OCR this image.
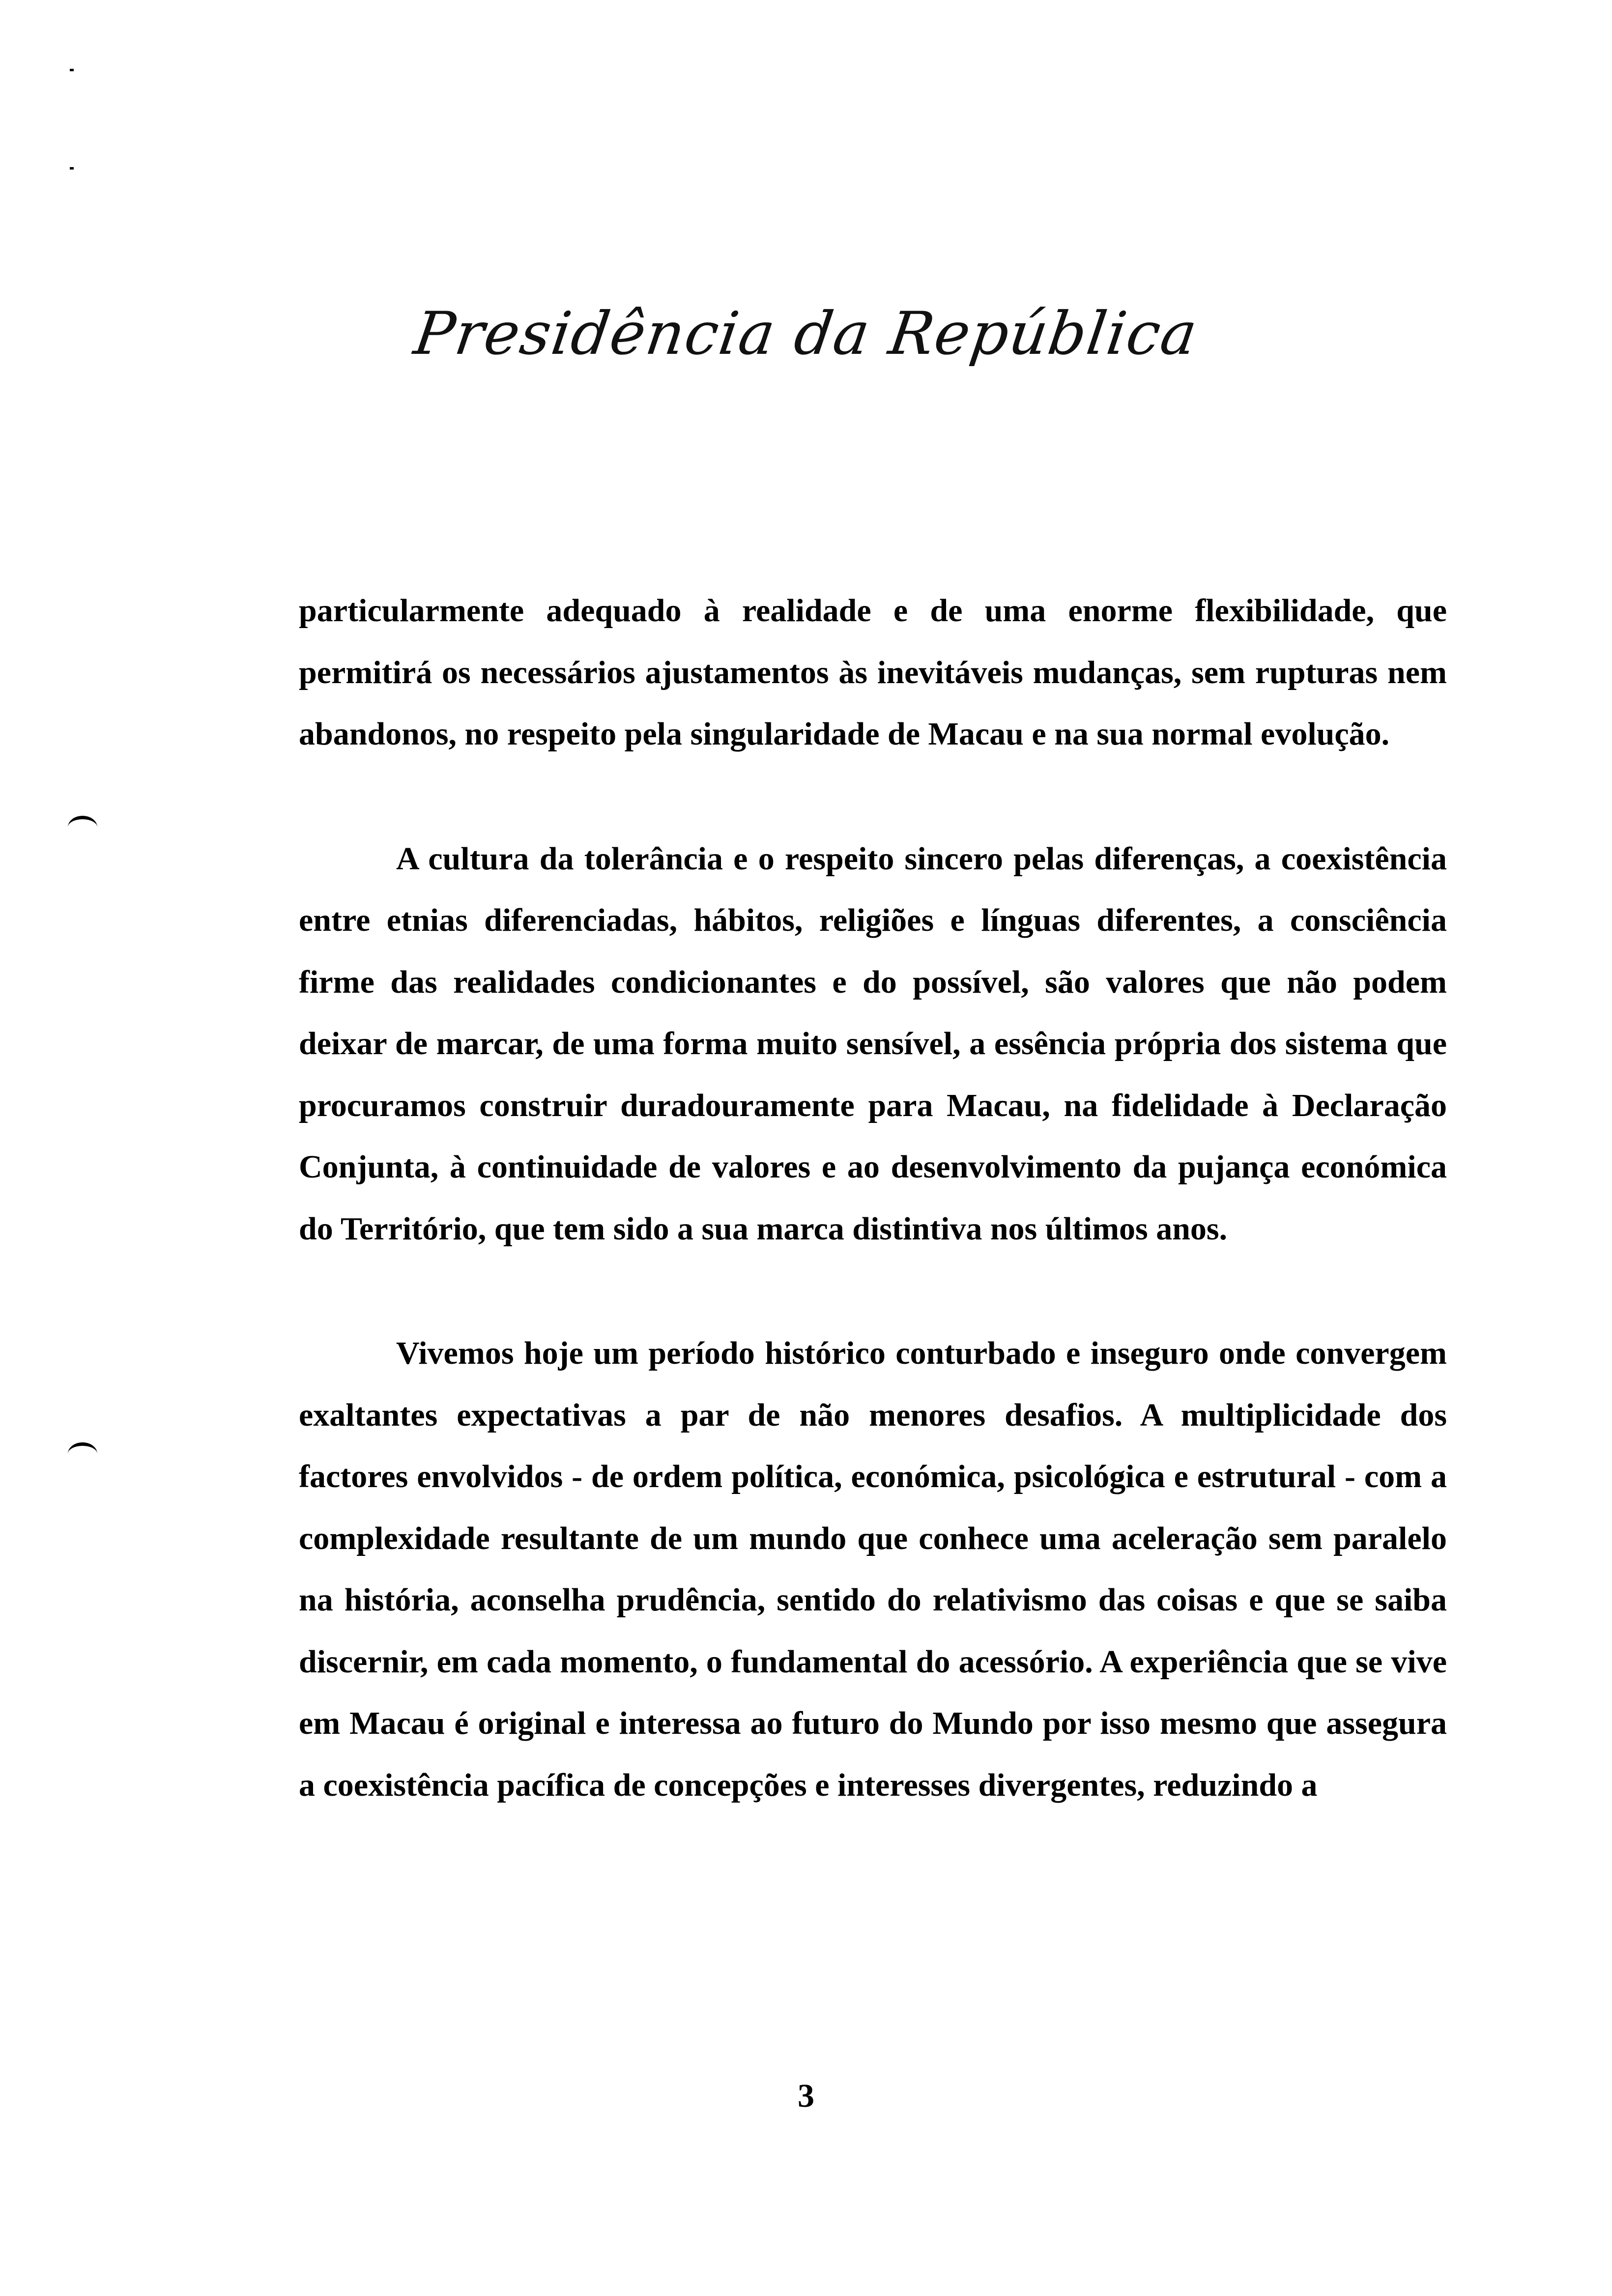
Presidência da República

particularmente adequado à realidade e de uma enorme flexibilidade, que permitirá os necessários ajustamentos às inevitáveis mudanças, sem rupturas nem abandonos, no respeito pela singularidade de Macau e na sua normal evolução.

A cultura da tolerância e o respeito sincero pelas diferenças, a coexistência entre etnias diferenciadas, hábitos, religiões e línguas diferentes, a consciência firme das realidades condicionantes e do possível, são valores que não podem deixar de marcar, de uma forma muito sensível, a essência própria dos sistema que procuramos construir duradouramente para Macau, na fidelidade à Declaração Conjunta, à continuidade de valores e ao desenvolvimento da pujança económica do Território, que tem sido a sua marca distintiva nos últimos anos.

Vivemos hoje um período histórico conturbado e inseguro onde convergem exaltantes expectativas a par de não menores desafios. A multiplicidade dos factores envolvidos - de ordem política, económica, psicológica e estrutural - com a complexidade resultante de um mundo que conhece uma aceleração sem paralelo na história, aconselha prudência, sentido do relativismo das coisas e que se saiba discernir, em cada momento, o fundamental do acessório. A experiência que se vive em Macau é original e interessa ao futuro do Mundo por isso mesmo que assegura a coexistência pacífica de concepções e interesses divergentes, reduzindo a

3
